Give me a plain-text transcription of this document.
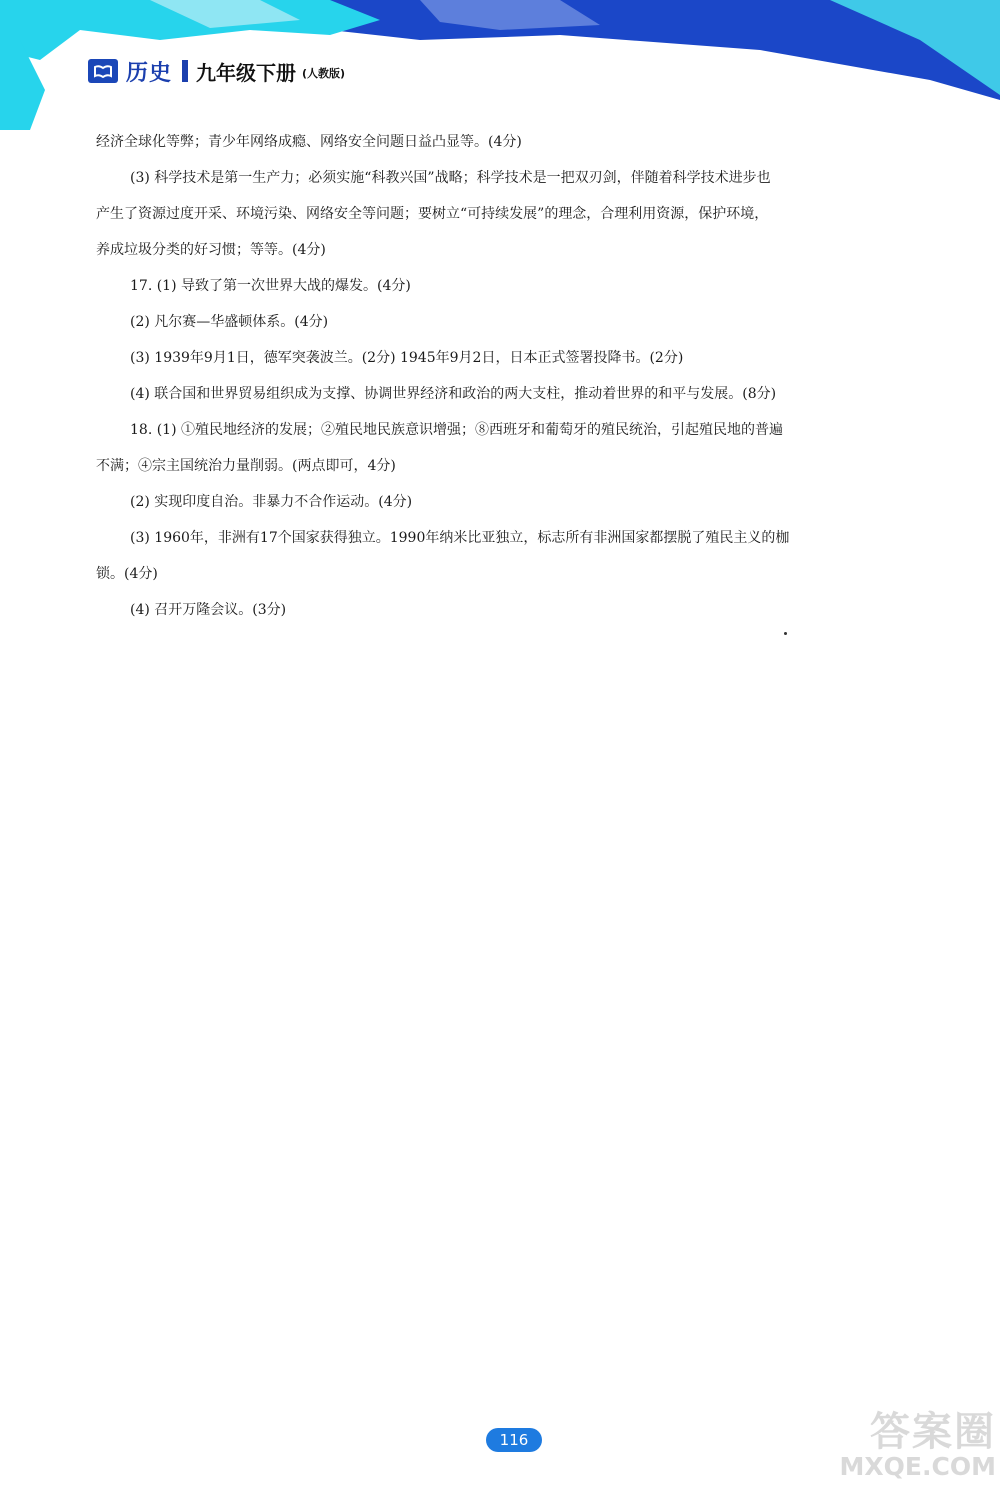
历史 九年级下册 (人教版)

经济全球化等弊；青少年网络成瘾、网络安全问题日益凸显等。(4分)

(3) 科学技术是第一生产力；必须实施“科教兴国”战略；科学技术是一把双刃剑，伴随着科学技术进步也

产生了资源过度开采、环境污染、网络安全等问题；要树立“可持续发展”的理念，合理利用资源，保护环境，

养成垃圾分类的好习惯；等等。(4分)

17. (1) 导致了第一次世界大战的爆发。(4分)

(2) 凡尔赛—华盛顿体系。(4分)

(3) 1939年9月1日，德军突袭波兰。(2分) 1945年9月2日，日本正式签署投降书。(2分)

(4) 联合国和世界贸易组织成为支撑、协调世界经济和政治的两大支柱，推动着世界的和平与发展。(8分)

18. (1) ①殖民地经济的发展；②殖民地民族意识增强；⑧西班牙和葡萄牙的殖民统治，引起殖民地的普遍

不满；④宗主国统治力量削弱。(两点即可，4分)

(2) 实现印度自治。非暴力不合作运动。(4分)

(3) 1960年，非洲有17个国家获得独立。1990年纳米比亚独立，标志所有非洲国家都摆脱了殖民主义的枷

锁。(4分)

(4) 召开万隆会议。(3分)

116	答案圈
MXQE.COM
